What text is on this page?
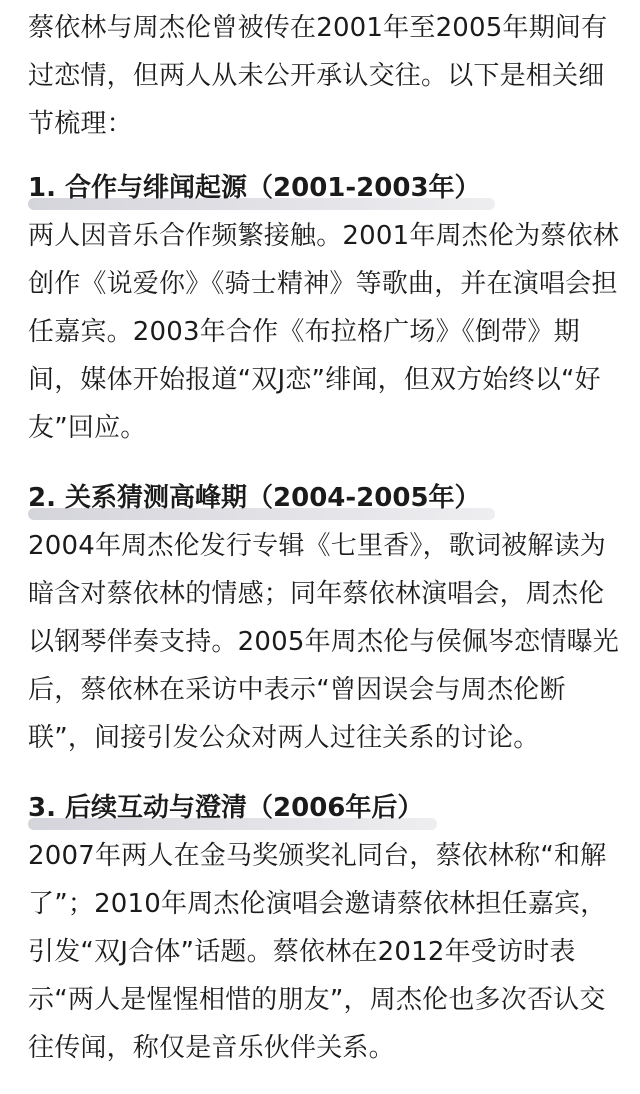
蔡依林与周杰伦曾被传在2001年至2005年期间有过恋情，但两人从未公开承认交往。以下是相关细节梳理：

1. 合作与绯闻起源（2001-2003年）

两人因音乐合作频繁接触。2001年周杰伦为蔡依林创作《说爱你》《骑士精神》等歌曲，并在演唱会担任嘉宾。2003年合作《布拉格广场》《倒带》期间，媒体开始报道“双J恋”绯闻，但双方始终以“好友”回应。

2. 关系猜测高峰期（2004-2005年）

2004年周杰伦发行专辑《七里香》，歌词被解读为暗含对蔡依林的情感；同年蔡依林演唱会，周杰伦以钢琴伴奏支持。2005年周杰伦与侯佩岑恋情曝光后，蔡依林在采访中表示“曾因误会与周杰伦断联”，间接引发公众对两人过往关系的讨论。

3. 后续互动与澄清（2006年后）

2007年两人在金马奖颁奖礼同台，蔡依林称“和解了”；2010年周杰伦演唱会邀请蔡依林担任嘉宾，引发“双J合体”话题。蔡依林在2012年受访时表示“两人是惺惺相惜的朋友”，周杰伦也多次否认交往传闻，称仅是音乐伙伴关系。
